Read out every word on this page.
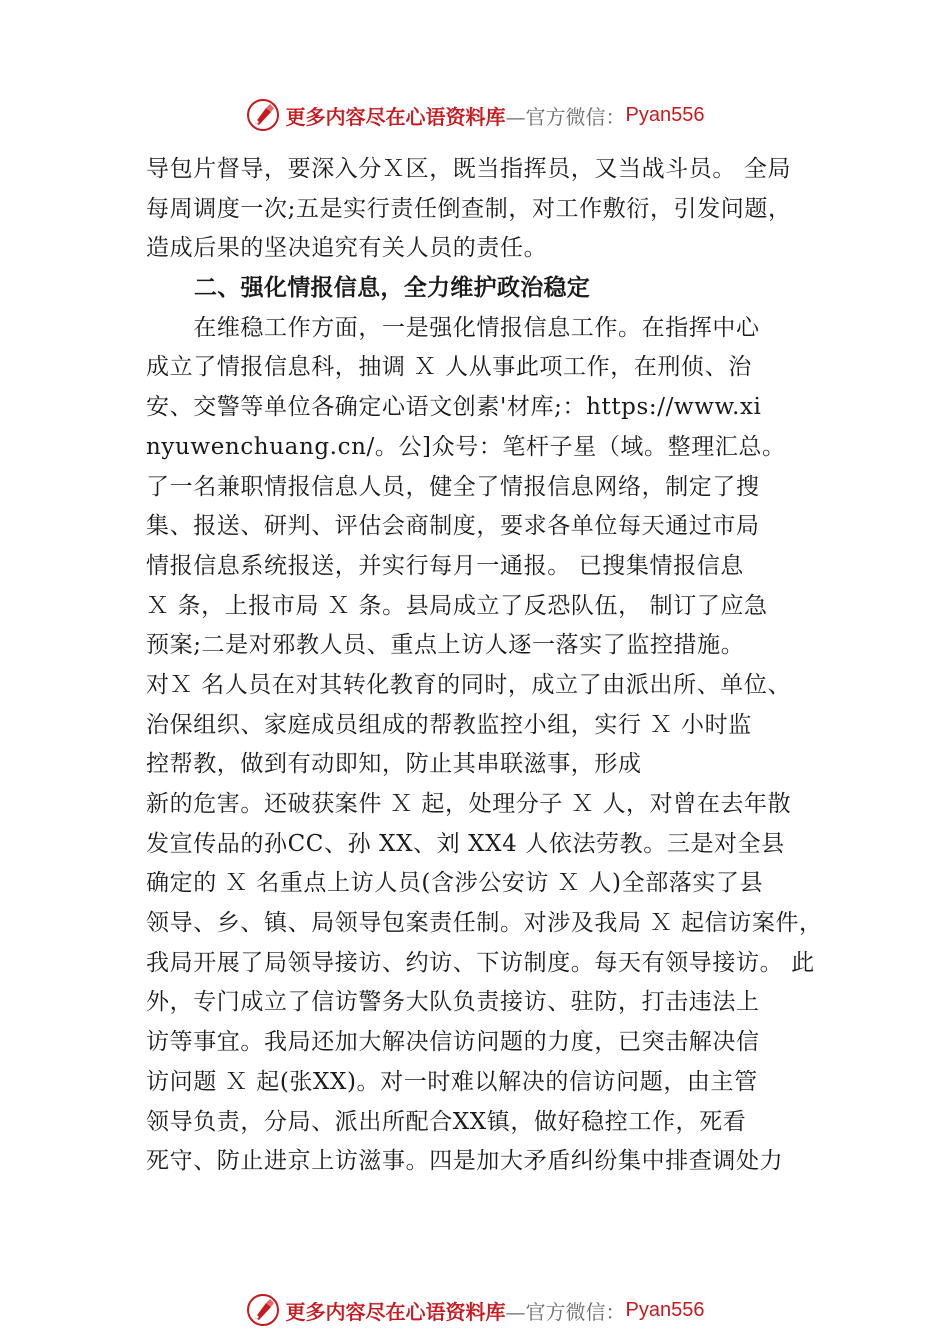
更多内容尽在心语资料库 —官方微信： Pyan556
导包片督导，要深入分Ｘ区，既当指挥员，又当战斗员。 全局
每周调度一次;五是实行责任倒查制，对工作敷衍，引发问题，
造成后果的坚决追究有关人员的责任。
二、强化情报信息，全力维护政治稳定
　　在维稳工作方面，一是强化情报信息工作。在指挥中心
成立了情报信息科，抽调 Ｘ 人从事此项工作，在刑侦、治
安、交警等单位各确定心语文创素'材库;：https://www.xi
nyuwenchuang.cn/。公]众号：笔杆子星（域。整理汇总。
了一名兼职情报信息人员，健全了情报信息网络，制定了搜
集、报送、研判、评估会商制度，要求各单位每天通过市局
情报信息系统报送，并实行每月一通报。 已搜集情报信息
Ｘ 条，上报市局 Ｘ 条。县局成立了反恐队伍， 制订了应急
预案;二是对邪教人员、重点上访人逐一落实了监控措施。
对Ｘ 名人员在对其转化教育的同时，成立了由派出所、单位、
治保组织、家庭成员组成的帮教监控小组，实行 Ｘ 小时监
控帮教，做到有动即知，防止其串联滋事，形成
新的危害。还破获案件 Ｘ 起，处理分子 Ｘ 人，对曾在去年散
发宣传品的孙CC、孙 XX、刘 XX4 人依法劳教。三是对全县
确定的 Ｘ 名重点上访人员(含涉公安访 Ｘ 人)全部落实了县
领导、乡、镇、局领导包案责任制。对涉及我局 Ｘ 起信访案件，
我局开展了局领导接访、约访、下访制度。每天有领导接访。 此
外，专门成立了信访警务大队负责接访、驻防，打击违法上
访等事宜。我局还加大解决信访问题的力度，已突击解决信
访问题 Ｘ 起(张XX)。对一时难以解决的信访问题，由主管
领导负责，分局、派出所配合XX镇，做好稳控工作，死看
死守、防止进京上访滋事。四是加大矛盾纠纷集中排查调处力
更多内容尽在心语资料库 —官方微信： Pyan556
